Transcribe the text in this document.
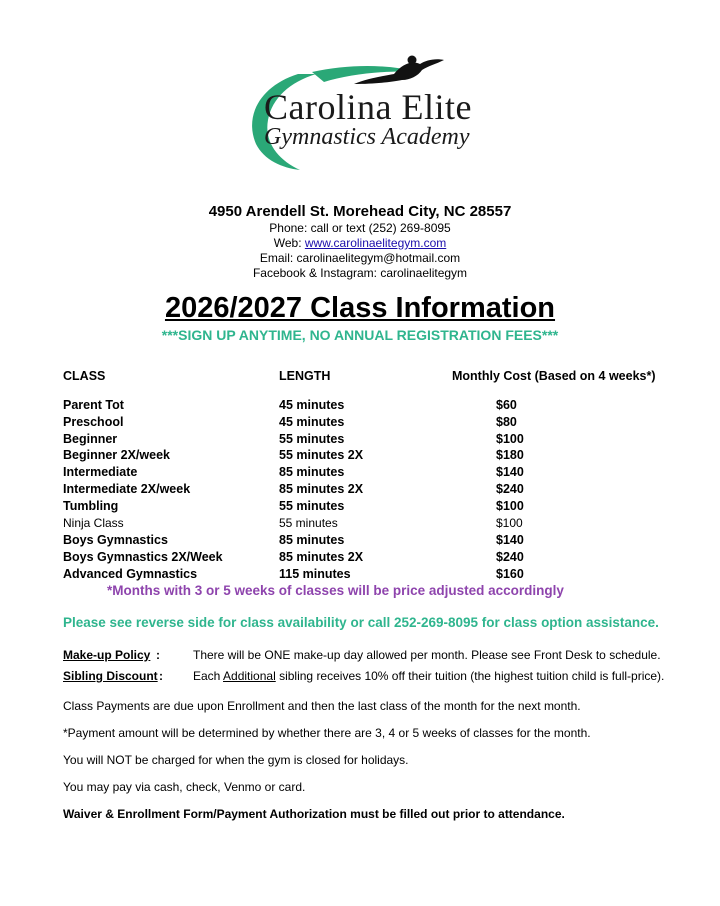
Carolina Elite
Gymnastics Academy
4950 Arendell St. Morehead City, NC 28557
Phone: call or text (252) 269-8095
Web: www.carolinaelitegym.com
Email: carolinaelitegym@hotmail.com
Facebook & Instagram: carolinaelitegym
2026/2027 Class Information
***SIGN UP ANYTIME, NO ANNUAL REGISTRATION FEES***
CLASS	LENGTH	Monthly Cost (Based on 4 weeks*)
Parent Tot	45 minutes	$60
Preschool	45 minutes	$80
Beginner	55 minutes	$100
Beginner 2X/week	55 minutes 2X	$180
Intermediate	85 minutes	$140
Intermediate 2X/week	85 minutes 2X	$240
Tumbling	55 minutes	$100
Ninja Class	55 minutes	$100
Boys Gymnastics	85 minutes	$140
Boys Gymnastics 2X/Week	85 minutes 2X	$240
Advanced Gymnastics	115 minutes	$160
*Months with 3 or 5 weeks of classes will be price adjusted accordingly
Please see reverse side for class availability or call 252-269-8095 for class option assistance.
Make-up Policy :	There will be ONE make-up day allowed per month. Please see Front Desk to schedule.
Sibling Discount :	Each Additional sibling receives 10% off their tuition (the highest tuition child is full-price).
Class Payments are due upon Enrollment and then the last class of the month for the next month.
*Payment amount will be determined by whether there are 3, 4 or 5 weeks of classes for the month.
You will NOT be charged for when the gym is closed for holidays.
You may pay via cash, check, Venmo or card.
Waiver & Enrollment Form/Payment Authorization must be filled out prior to attendance.
